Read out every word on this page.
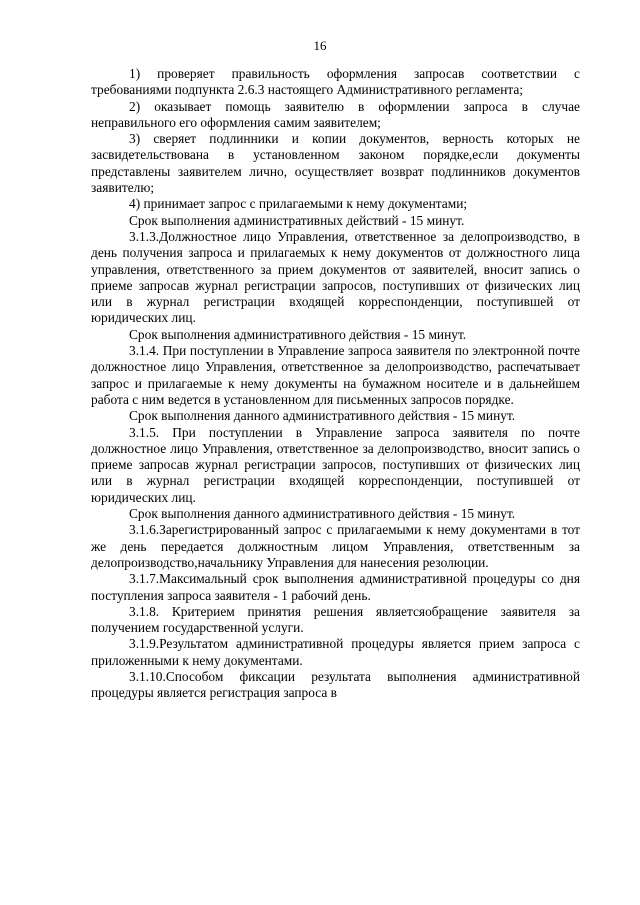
16

1) проверяет правильность оформления запросав соответствии с требованиями подпункта 2.6.3 настоящего Административного регламента;

2) оказывает помощь заявителю в оформлении запроса в случае неправильного его оформления самим заявителем;

3) сверяет подлинники и копии документов, верность которых не засвидетельствована в установленном законом порядке,если документы представлены заявителем лично, осуществляет возврат подлинников документов заявителю;

4) принимает запрос с прилагаемыми к нему документами;

Срок выполнения административных действий - 15 минут.

3.1.3.Должностное лицо Управления, ответственное за делопроизводство, в день получения запроса и прилагаемых к нему документов от должностного лица управления, ответственного за прием документов от заявителей, вносит запись о приеме запросав журнал регистрации запросов, поступивших от физических лиц или в журнал регистрации входящей корреспонденции, поступившей от юридических лиц.

Срок выполнения административного действия - 15 минут.

3.1.4. При поступлении в Управление запроса заявителя по электронной почте должностное лицо Управления, ответственное за делопроизводство, распечатывает запрос и прилагаемые к нему документы на бумажном носителе и в дальнейшем работа с ним ведется в установленном для письменных запросов порядке.

Срок выполнения данного административного действия - 15 минут.

3.1.5. При поступлении в Управление запроса заявителя по почте должностное лицо Управления, ответственное за делопроизводство, вносит запись о приеме запросав журнал регистрации запросов, поступивших от физических лиц или в журнал регистрации входящей корреспонденции, поступившей от юридических лиц.

Срок выполнения данного административного действия - 15 минут.

3.1.6.Зарегистрированный запрос с прилагаемыми к нему документами в тот же день передается должностным лицом Управления, ответственным за делопроизводство,начальнику Управления для нанесения резолюции.

3.1.7.Максимальный срок выполнения административной процедуры со дня поступления запроса заявителя - 1 рабочий день.

3.1.8. Критерием принятия решения являетсяобращение заявителя за получением государственной услуги.

3.1.9.Результатом административной процедуры является прием запроса с приложенными к нему документами.

3.1.10.Способом фиксации результата выполнения административной процедуры является регистрация запроса в
